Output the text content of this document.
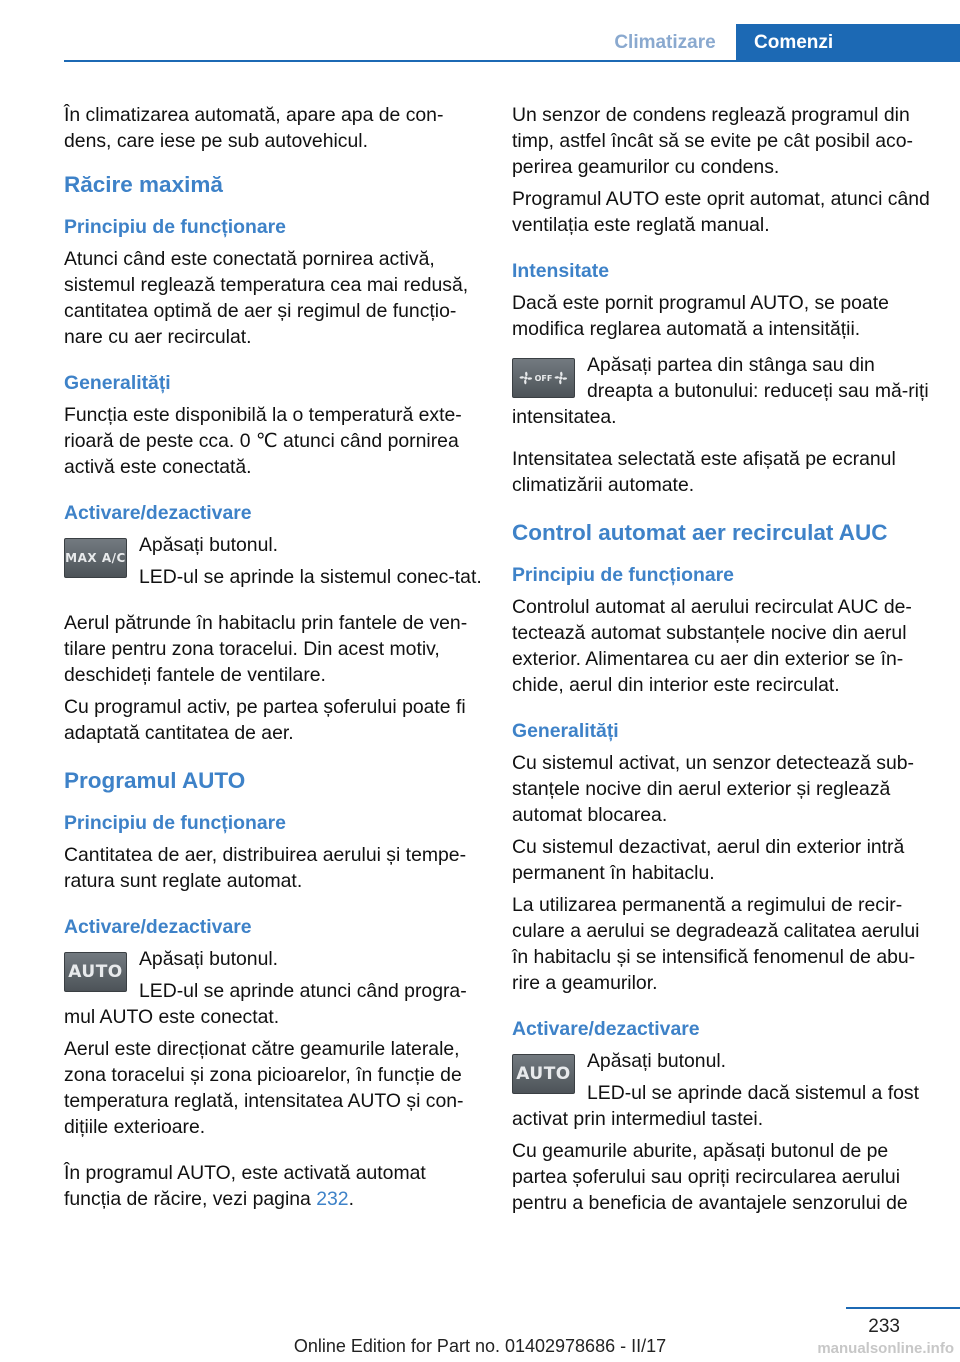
Climatizare	Comenzi

În climatizarea automată, apare apa de con- dens, care iese pe sub autovehicul.

Răcire maximă
Principiu de funcționare

Atunci când este conectată pornirea activă, sistemul reglează temperatura cea mai redusă, cantitatea optimă de aer și regimul de funcțio-nare cu aer recirculat.

Generalități

Funcția este disponibilă la o temperatură exte-rioară de peste cca. 0 ℃ atunci când pornirea activă este conectată.

Activare/dezactivare
MAX A/C

Apăsați butonul.

LED-ul se aprinde la sistemul conec-tat.

Aerul pătrunde în habitaclu prin fantele de ven-tilare pentru zona toracelui. Din acest motiv, deschideți fantele de ventilare.

Cu programul activ, pe partea șoferului poate fi adaptată cantitatea de aer.

Programul AUTO
Principiu de funcționare

Cantitatea de aer, distribuirea aerului și tempe-ratura sunt reglate automat.

Activare/dezactivare
AUTO

Apăsați butonul.

LED-ul se aprinde atunci când progra-mul AUTO este conectat.

Aerul este direcționat către geamurile laterale, zona toracelui și zona picioarelor, în funcție de temperatura reglată, intensitatea AUTO și con-dițiile exterioare.

În programul AUTO, este activată automat funcția de răcire, vezi pagina 232.

Un senzor de condens reglează programul din timp, astfel încât să se evite pe cât posibil aco-perirea geamurilor cu condens.

Programul AUTO este oprit automat, atunci când ventilația este reglată manual.

Intensitate

Dacă este pornit programul AUTO, se poate modifica reglarea automată a intensității.

OFF

Apăsați partea din stânga sau din dreapta a butonului: reduceți sau mă-riți intensitatea.

Intensitatea selectată este afișată pe ecranul climatizării automate.

Control automat aer recirculat AUC
Principiu de funcționare

Controlul automat al aerului recirculat AUC de-tectează automat substanțele nocive din aerul exterior. Alimentarea cu aer din exterior se în-chide, aerul din interior este recirculat.

Generalități

Cu sistemul activat, un senzor detectează sub-stanțele nocive din aerul exterior și reglează automat blocarea.

Cu sistemul dezactivat, aerul din exterior intră permanent în habitaclu.

La utilizarea permanentă a regimului de recir-culare a aerului se degradează calitatea aerului în habitaclu și se intensifică fenomenul de abu-rire a geamurilor.

Activare/dezactivare
AUTO

Apăsați butonul.

LED-ul se aprinde dacă sistemul a fost activat prin intermediul tastei.

Cu geamurile aburite, apăsați butonul de pe partea șoferului sau opriți recircularea aerului pentru a beneficia de avantajele senzorului de

233
Online Edition for Part no. 01402978686 - II/17	manualsonline.info
